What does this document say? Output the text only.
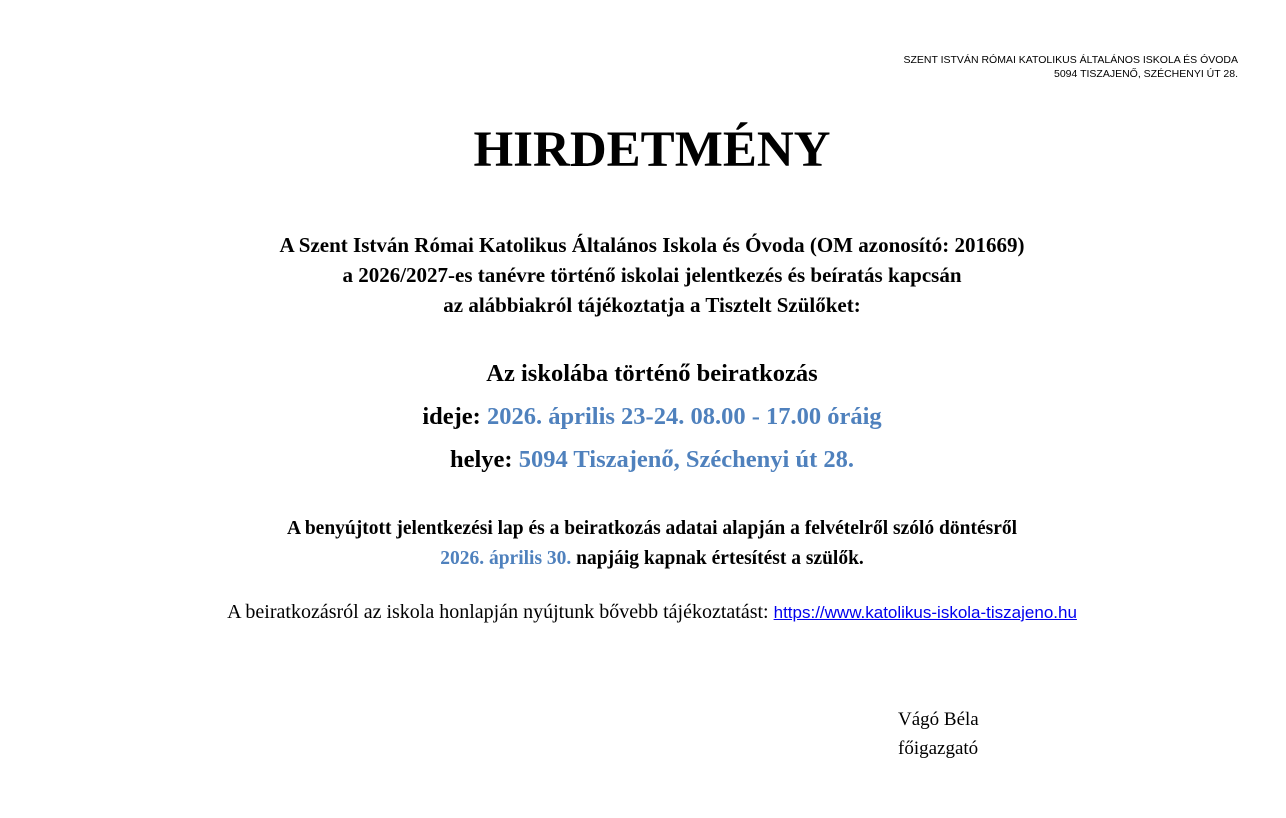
SZENT ISTVÁN RÓMAI KATOLIKUS ÁLTALÁNOS ISKOLA ÉS ÓVODA
5094 TISZAJENŐ, SZÉCHENYI ÚT 28.
HIRDETMÉNY
A Szent István Római Katolikus Általános Iskola és Óvoda (OM azonosító: 201669)
a 2026/2027-es tanévre történő iskolai jelentkezés és beíratás kapcsán
az alábbiakról tájékoztatja a Tisztelt Szülőket:
Az iskolába történő beiratkozás
ideje: 2026. április 23-24. 08.00 - 17.00 óráig
helye: 5094 Tiszajenő, Széchenyi út 28.
A benyújtott jelentkezési lap és a beiratkozás adatai alapján a felvételről szóló döntésről
2026. április 30. napjáig kapnak értesítést a szülők.
A beiratkozásról az iskola honlapján nyújtunk bővebb tájékoztatást: https://www.katolikus-iskola-tiszajeno.hu
Vágó Béla
főigazgató
